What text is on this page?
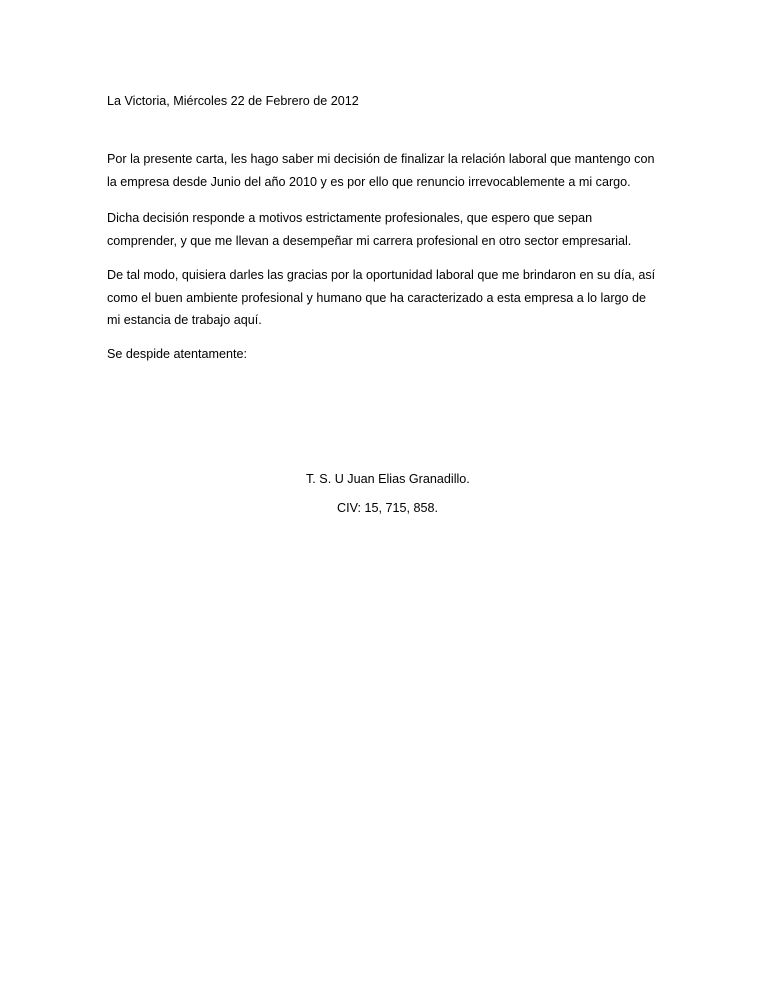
La Victoria, Miércoles 22 de Febrero de 2012
Por la presente carta, les hago saber mi decisión de finalizar la relación laboral que mantengo con
la empresa desde Junio del año 2010 y es por ello que renuncio irrevocablemente a mi cargo.
Dicha decisión responde a motivos estrictamente profesionales, que espero que sepan
comprender, y que me llevan a desempeñar mi carrera profesional en otro sector empresarial.
De tal modo, quisiera darles las gracias por la oportunidad laboral que me brindaron en su día, así
como el buen ambiente profesional y humano que ha caracterizado a esta empresa a lo largo de
mi estancia de trabajo aquí.
Se despide atentamente:
T. S. U Juan Elias Granadillo.
CIV: 15, 715, 858.
